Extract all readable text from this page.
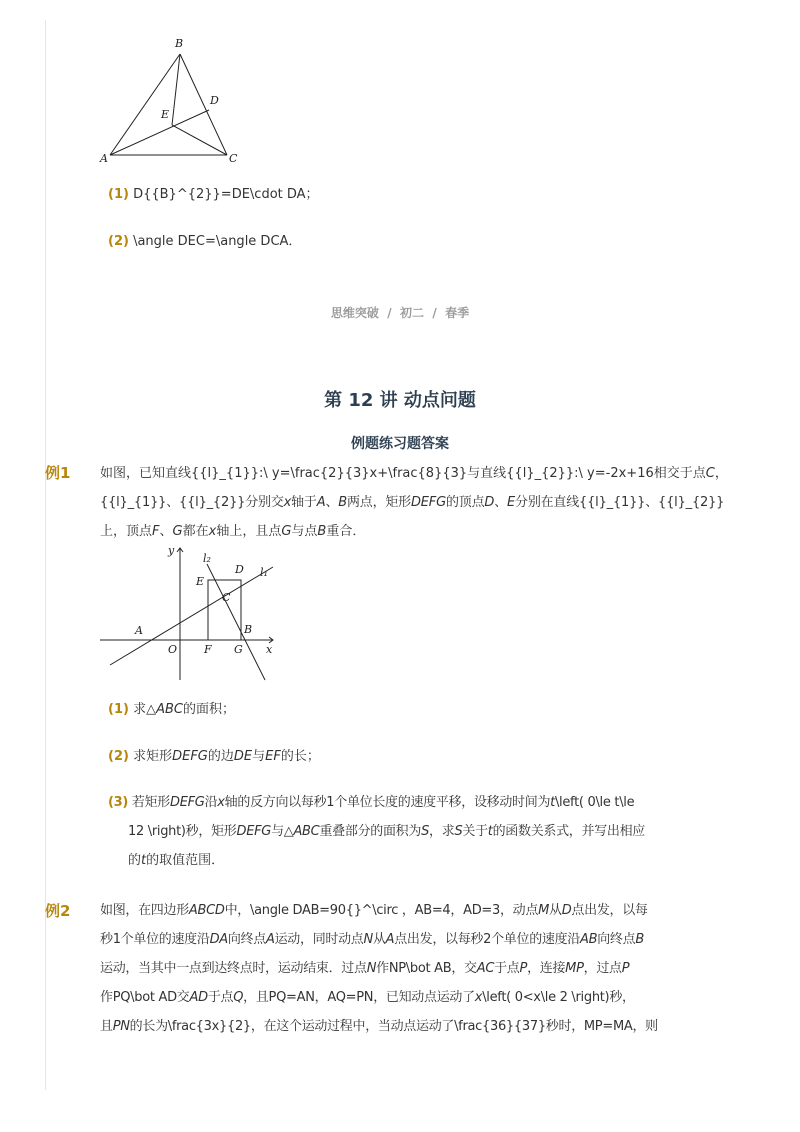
B
D
E
A	C
(1) D{{B}^{2}}=DE\cdot DA；
(2) \angle DEC=\angle DCA．
思维突破 / 初二 / 春季
第 12 讲 动点问题
例题练习题答案
例1 如图，已知直线{{l}_{1}}:\ y=\frac{2}{3}x+\frac{8}{3}与直线{{l}_{2}}:\ y=-2x+16相交于点C，
{{l}_{1}}、{{l}_{2}}分别交x轴于A、B两点，矩形DEFG的顶点D、E分别在直线{{l}_{1}}、{{l}_{2}}
上，顶点F、G都在x轴上，且点G与点B重合．
y
l₂
D l₁
E
C
A	B
O F G x
(1) 求△ABC的面积；
(2) 求矩形DEFG的边DE与EF的长；
(3) 若矩形DEFG沿x轴的反方向以每秒1个单位长度的速度平移，设移动时间为t\left( 0\le t\le
12 \right)秒，矩形DEFG与△ABC重叠部分的面积为S，求S关于t的函数关系式，并写出相应
的t的取值范围．
例2 如图，在四边形ABCD中，\angle DAB=90{}^\circ ，AB=4，AD=3，动点M从D点出发，以每
秒1个单位的速度沿DA向终点A运动，同时动点N从A点出发，以每秒2个单位的速度沿AB向终点B
运动，当其中一点到达终点时，运动结束．过点N作NP\bot AB，交AC于点P，连接MP，过点P
作PQ\bot AD交AD于点Q，且PQ=AN，AQ=PN，已知动点运动了x\left( 0<x\le 2 \right)秒，
且PN的长为\frac{3x}{2}，在这个运动过程中，当动点运动了\frac{36}{37}秒时，MP=MA，则
